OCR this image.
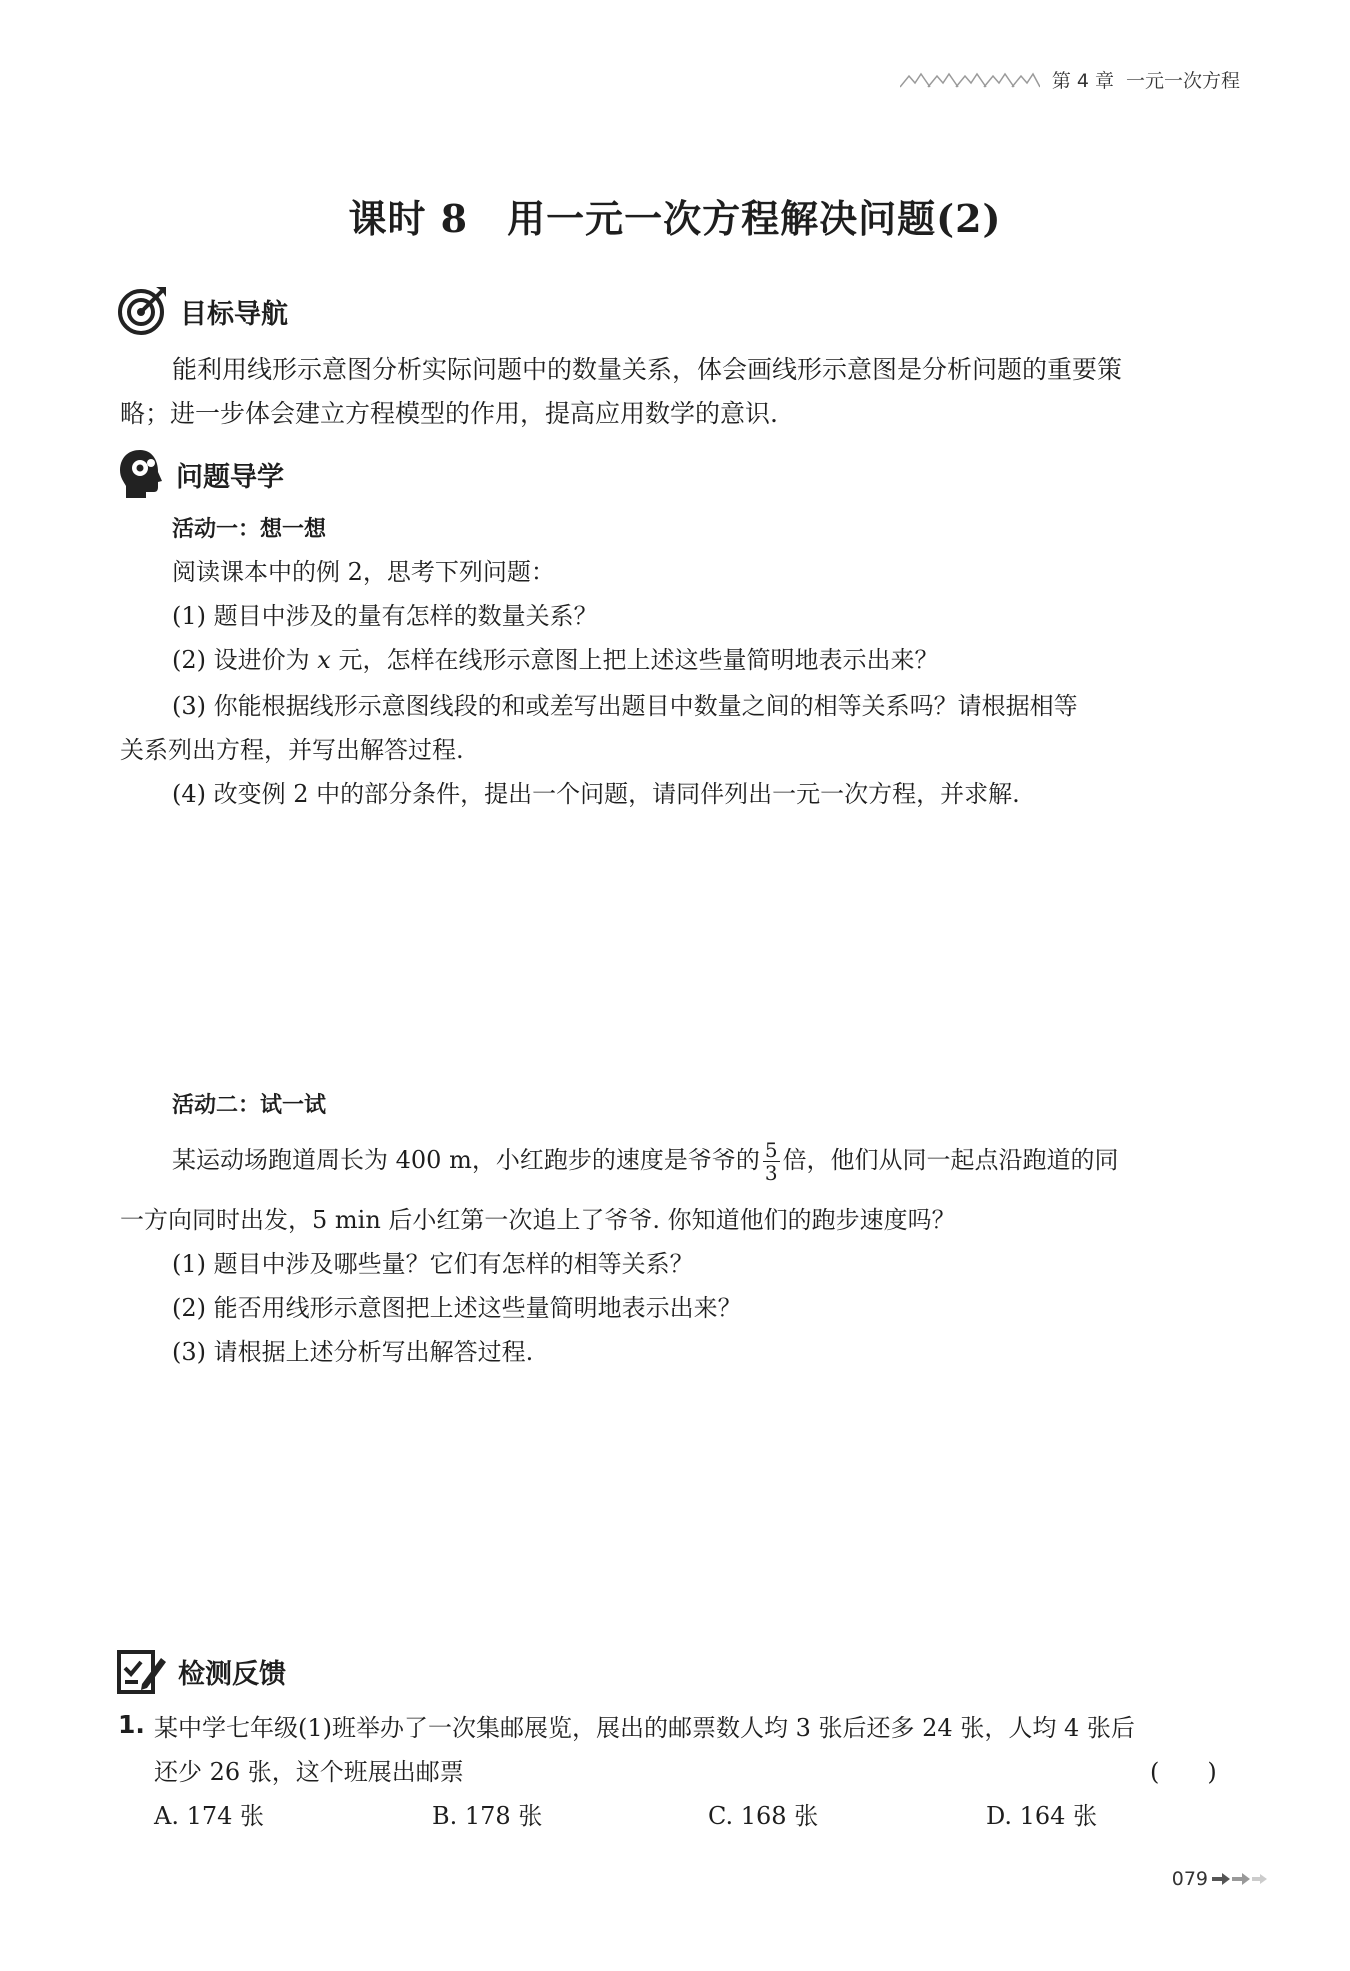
第 4 章 一元一次方程
课时 8　用一元一次方程解决问题(2)
目标导航
能利用线形示意图分析实际问题中的数量关系，体会画线形示意图是分析问题的重要策
略；进一步体会建立方程模型的作用，提高应用数学的意识.
问题导学
活动一：想一想
阅读课本中的例 2，思考下列问题：
(1) 题目中涉及的量有怎样的数量关系？
(2) 设进价为 x 元，怎样在线形示意图上把上述这些量简明地表示出来？
(3) 你能根据线形示意图线段的和或差写出题目中数量之间的相等关系吗？请根据相等
关系列出方程，并写出解答过程.
(4) 改变例 2 中的部分条件，提出一个问题，请同伴列出一元一次方程，并求解.
活动二：试一试
某运动场跑道周长为 400 m，小红跑步的速度是爷爷的 $\frac{5}{3}$ 倍，他们从同一起点沿跑道的同
一方向同时出发，5 min 后小红第一次追上了爷爷. 你知道他们的跑步速度吗？
(1) 题目中涉及哪些量？它们有怎样的相等关系？
(2) 能否用线形示意图把上述这些量简明地表示出来？
(3) 请根据上述分析写出解答过程.
检测反馈
1. 某中学七年级(1)班举办了一次集邮展览，展出的邮票数人均 3 张后还多 24 张，人均 4 张后
还少 26 张，这个班展出邮票	(　　)
A. 174 张	B. 178 张	C. 168 张	D. 164 张
079
